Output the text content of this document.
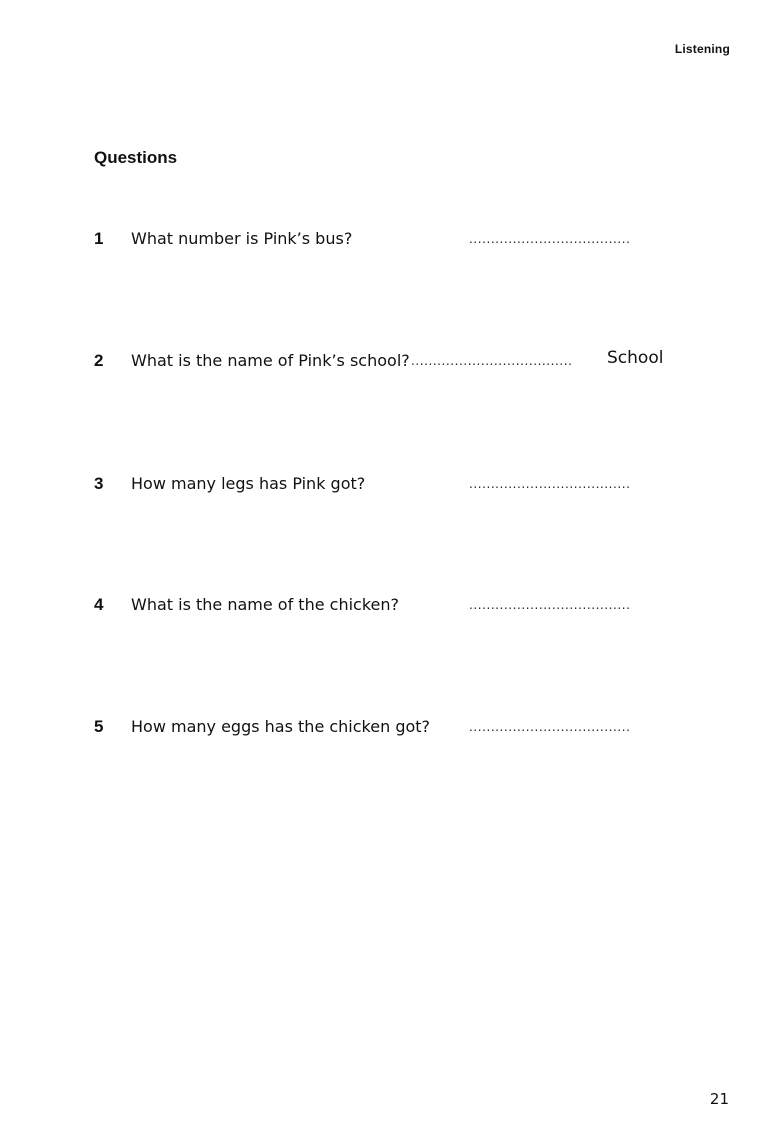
Listening
Questions
1 What number is Pink’s bus?	.....................................
2 What is the name of Pink’s school? ..................................... School
3 How many legs has Pink got?	.....................................
4 What is the name of the chicken?	.....................................
5 How many eggs has the chicken got?	.....................................
21
